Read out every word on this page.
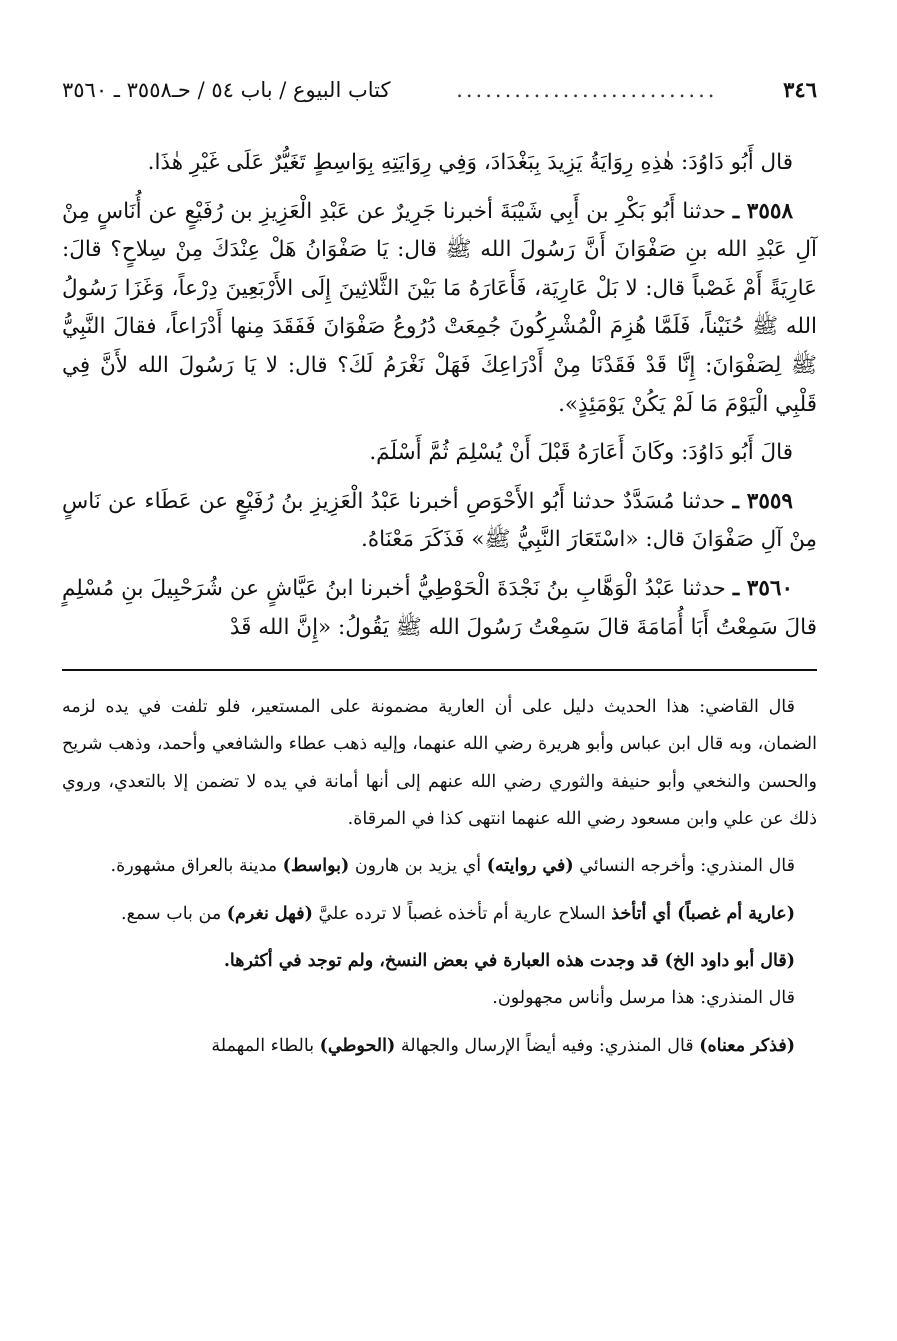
٣٤٦
...........................
كتاب البيوع / باب ٥٤ / حـ٣٥٥٨ ـ ٣٥٦٠

قال أَبُو دَاوُدَ: هٰذِهِ رِوَايَةُ يَزِيدَ بِبَغْدَادَ، وَفِي رِوَايَتِهِ بِوَاسِطٍ تَغَيُّرٌ عَلَى غَيْرِ هٰذَا.

٣٥٥٨ ـ حدثنا أَبُو بَكْرِ بن أَبِي شَيْبَةَ أخبرنا جَرِيرٌ عن عَبْدِ الْعَزِيزِ بن رُفَيْعٍ عن أُنَاسٍ مِنْ آلِ عَبْدِ الله بنِ صَفْوَانَ أَنَّ رَسُولَ الله ﷺ قال: يَا صَفْوَانُ هَلْ عِنْدَكَ مِنْ سِلاحٍ؟ قالَ: عَارِيَةً أَمْ غَصْباً قال: لا بَلْ عَارِيَة، فَأَعَارَهُ مَا بَيْنَ الثَّلاثِينَ إِلَى الأَرْبَعِينَ دِرْعاً، وَغَزَا رَسُولُ الله ﷺ حُنَيْناً، فَلَمَّا هُزِمَ الْمُشْرِكُونَ جُمِعَتْ دُرُوعُ صَفْوَانَ فَفَقَدَ مِنها أَدْرَاعاً، فقالَ النَّبِيُّ ﷺ لِصَفْوَانَ: إِنَّا قَدْ فَقَدْنَا مِنْ أَدْرَاعِكَ فَهَلْ نَغْرَمُ لَكَ؟ قال: لا يَا رَسُولَ الله لأَنَّ فِي قَلْبِي الْيَوْمَ مَا لَمْ يَكُنْ يَوْمَئِذٍ».

قالَ أَبُو دَاوُدَ: وكَانَ أَعَارَهُ قَبْلَ أَنْ يُسْلِمَ ثُمَّ أَسْلَمَ.

٣٥٥٩ ـ حدثنا مُسَدَّدٌ حدثنا أَبُو الأَحْوَصِ أخبرنا عَبْدُ الْعَزِيزِ بنُ رُفَيْعٍ عن عَطَاء عن نَاسٍ مِنْ آلِ صَفْوَانَ قال: «اسْتَعَارَ النَّبِيُّ ﷺ» فَذَكَرَ مَعْنَاهُ.

٣٥٦٠ ـ حدثنا عَبْدُ الْوَهَّابِ بنُ نَجْدَةَ الْحَوْطِيُّ أخبرنا ابنُ عَيَّاشٍ عن شُرَحْبِيلَ بنِ مُسْلِمٍ قالَ سَمِعْتُ أَبَا أُمَامَةَ قالَ سَمِعْتُ رَسُولَ الله ﷺ يَقُولُ: «إِنَّ الله قَدْ

قال القاضي: هذا الحديث دليل على أن العارية مضمونة على المستعير، فلو تلفت في يده لزمه الضمان، وبه قال ابن عباس وأبو هريرة رضي الله عنهما، وإليه ذهب عطاء والشافعي وأحمد، وذهب شريح والحسن والنخعي وأبو حنيفة والثوري رضي الله عنهم إلى أنها أمانة في يده لا تضمن إلا بالتعدي، وروي ذلك عن علي وابن مسعود رضي الله عنهما انتهى كذا في المرقاة.

قال المنذري: وأخرجه النسائي (في روايته) أي يزيد بن هارون (بواسط) مدينة بالعراق مشهورة.

(عارية أم غصباً) أي أتأخذ السلاح عارية أم تأخذه غصباً لا ترده عليَّ (فهل نغرم) من باب سمع.

(قال أبو داود الخ) قد وجدت هذه العبارة في بعض النسخ، ولم توجد في أكثرها.

قال المنذري: هذا مرسل وأناس مجهولون.

(فذكر معناه) قال المنذري: وفيه أيضاً الإرسال والجهالة (الحوطي) بالطاء المهملة
